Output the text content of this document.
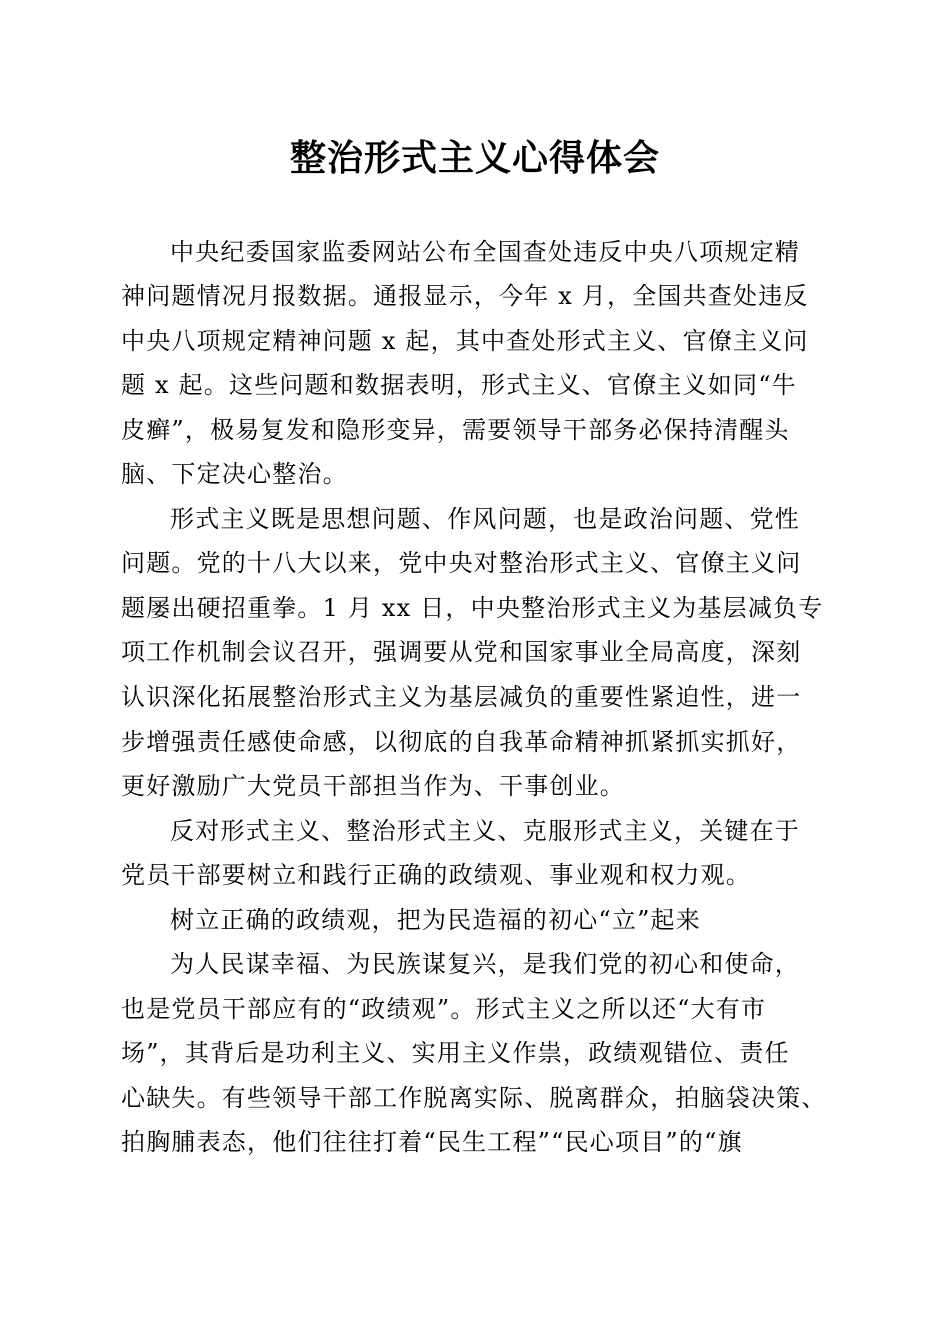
整治形式主义心得体会
中央纪委国家监委网站公布全国查处违反中央八项规定精
神问题情况月报数据。通报显示，今年 x 月，全国共查处违反
中央八项规定精神问题 x 起，其中查处形式主义、官僚主义问
题 x 起。这些问题和数据表明，形式主义、官僚主义如同“牛
皮癣”，极易复发和隐形变异，需要领导干部务必保持清醒头
脑、下定决心整治。
形式主义既是思想问题、作风问题，也是政治问题、党性
问题。党的十八大以来，党中央对整治形式主义、官僚主义问
题屡出硬招重拳。1 月 xx 日，中央整治形式主义为基层减负专
项工作机制会议召开，强调要从党和国家事业全局高度，深刻
认识深化拓展整治形式主义为基层减负的重要性紧迫性，进一
步增强责任感使命感，以彻底的自我革命精神抓紧抓实抓好，
更好激励广大党员干部担当作为、干事创业。
反对形式主义、整治形式主义、克服形式主义，关键在于
党员干部要树立和践行正确的政绩观、事业观和权力观。
树立正确的政绩观，把为民造福的初心“立”起来
为人民谋幸福、为民族谋复兴，是我们党的初心和使命，
也是党员干部应有的“政绩观”。形式主义之所以还“大有市
场”，其背后是功利主义、实用主义作祟，政绩观错位、责任
心缺失。有些领导干部工作脱离实际、脱离群众，拍脑袋决策、
拍胸脯表态，他们往往打着“民生工程”“民心项目”的“旗
